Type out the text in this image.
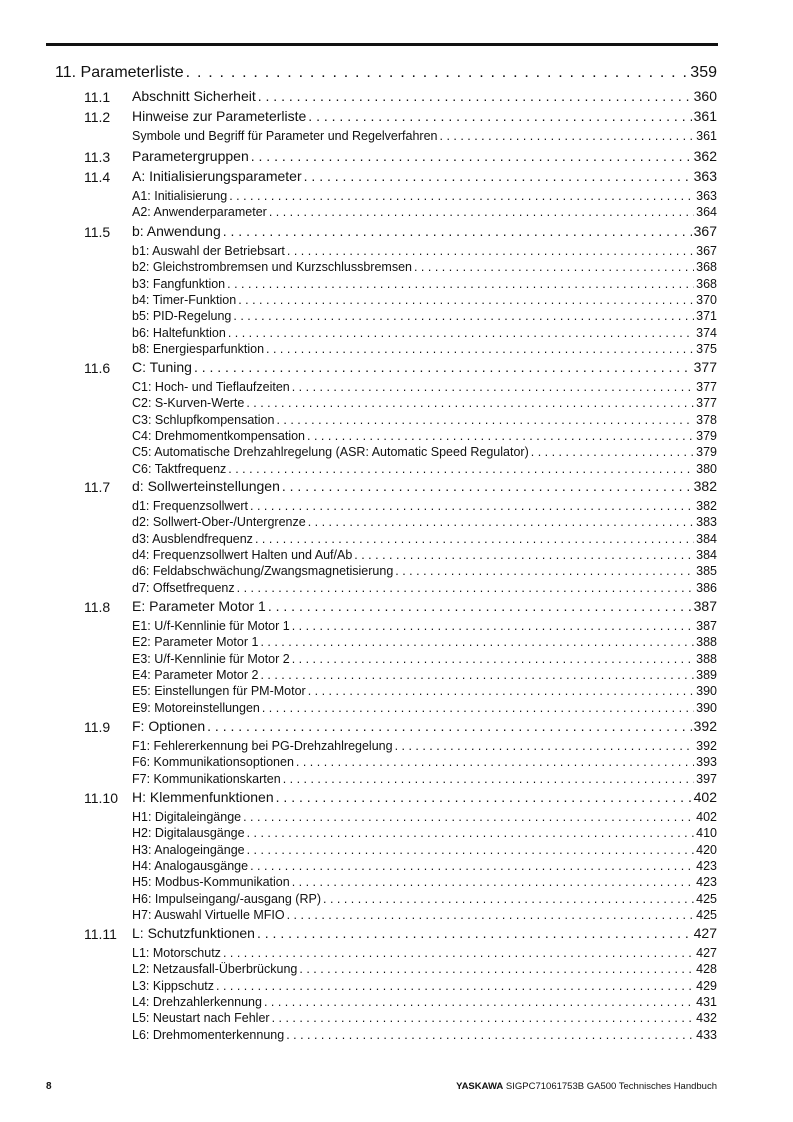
11. Parameterliste . . .	359
11.1 Abschnitt Sicherheit . . .	360
11.2 Hinweise zur Parameterliste . . .	361
Symbole und Begriff für Parameter und Regelverfahren . . .	361
11.3 Parametergruppen . . .	362
11.4 A: Initialisierungsparameter . . .	363
A1: Initialisierung . . .	363
A2: Anwenderparameter . . .	364
11.5 b: Anwendung . . .	367
b1: Auswahl der Betriebsart . . .	367
b2: Gleichstrombremsen und Kurzschlussbremsen . . .	368
b3: Fangfunktion . . .	368
b4: Timer-Funktion . . .	370
b5: PID-Regelung . . .	371
b6: Haltefunktion . . .	374
b8: Energiesparfunktion . . .	375
11.6 C: Tuning . . .	377
C1: Hoch- und Tieflaufzeiten . . .	377
C2: S-Kurven-Werte . . .	377
C3: Schlupfkompensation . . .	378
C4: Drehmomentkompensation . . .	379
C5: Automatische Drehzahlregelung (ASR: Automatic Speed Regulator) . . .	379
C6: Taktfrequenz . . .	380
11.7 d: Sollwerteinstellungen . . .	382
d1: Frequenzsollwert . . .	382
d2: Sollwert-Ober-/Untergrenze . . .	383
d3: Ausblendfrequenz . . .	384
d4: Frequenzsollwert Halten und Auf/Ab . . .	384
d6: Feldabschwächung/Zwangsmagnetisierung . . .	385
d7: Offsetfrequenz . . .	386
11.8 E: Parameter Motor 1 . . .	387
E1: U/f-Kennlinie für Motor 1 . . .	387
E2: Parameter Motor 1 . . .	388
E3: U/f-Kennlinie für Motor 2 . . .	388
E4: Parameter Motor 2 . . .	389
E5: Einstellungen für PM-Motor . . .	390
E9: Motoreinstellungen . . .	390
11.9 F: Optionen . . .	392
F1: Fehlererkennung bei PG-Drehzahlregelung . . .	392
F6: Kommunikationsoptionen . . .	393
F7: Kommunikationskarten . . .	397
11.10 H: Klemmenfunktionen . . .	402
H1: Digitaleingänge . . .	402
H2: Digitalausgänge . . .	410
H3: Analogeingänge . . .	420
H4: Analogausgänge . . .	423
H5: Modbus-Kommunikation . . .	423
H6: Impulseingang/-ausgang (RP) . . .	425
H7: Auswahl Virtuelle MFIO . . .	425
11.11 L: Schutzfunktionen . . .	427
L1: Motorschutz . . .	427
L2: Netzausfall-Überbrückung . . .	428
L3: Kippschutz . . .	429
L4: Drehzahlerkennung . . .	431
L5: Neustart nach Fehler . . .	432
L6: Drehmomenterkennung . . .	433
8	YASKAWA SIGPC71061753B GA500 Technisches Handbuch
